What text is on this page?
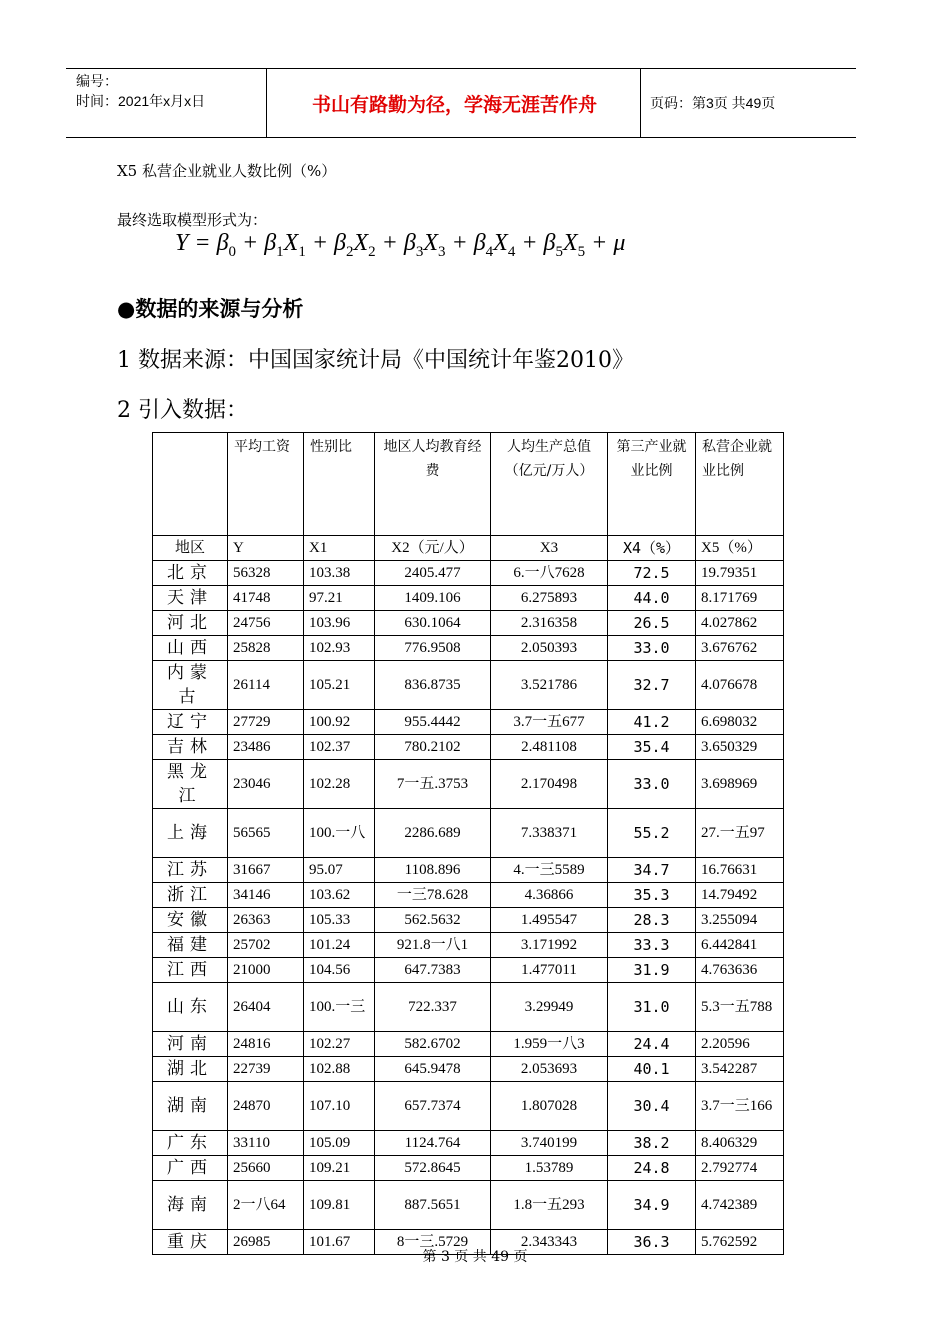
编号：
时间：2021年x月x日	书山有路勤为径，学海无涯苦作舟	页码：第3页 共49页
X5 私营企业就业人数比例（%）
最终选取模型形式为：
$Y = \beta_0 + \beta_1X_1 + \beta_2X_2 + \beta_3X_3 + \beta_4X_4 + \beta_5X_5 + \mu$
●数据的来源与分析
1 数据来源：中国国家统计局《中国统计年鉴2010》
2 引入数据：
	平均工资	性别比	地区人均教育经费	人均生产总值（亿元/万人）	第三产业就业比例	私营企业就业比例
地区	Y	X1	X2（元/人）	X3	X4（%）	X5（%）
北京	56328	103.38	2405.477	6.一八7628	72.5	19.79351
天津	41748	97.21	1409.106	6.275893	44.0	8.171769
河北	24756	103.96	630.1064	2.316358	26.5	4.027862
山西	25828	102.93	776.9508	2.050393	33.0	3.676762
内蒙古	26114	105.21	836.8735	3.521786	32.7	4.076678
辽宁	27729	100.92	955.4442	3.7一五677	41.2	6.698032
吉林	23486	102.37	780.2102	2.481108	35.4	3.650329
黑龙江	23046	102.28	7一五.3753	2.170498	33.0	3.698969
上海	56565	100.一八	2286.689	7.338371	55.2	27.一五97
江苏	31667	95.07	1108.896	4.一三5589	34.7	16.76631
浙江	34146	103.62	一三78.628	4.36866	35.3	14.79492
安徽	26363	105.33	562.5632	1.495547	28.3	3.255094
福建	25702	101.24	921.8一八1	3.171992	33.3	6.442841
江西	21000	104.56	647.7383	1.477011	31.9	4.763636
山东	26404	100.一三	722.337	3.29949	31.0	5.3一五788
河南	24816	102.27	582.6702	1.959一八3	24.4	2.20596
湖北	22739	102.88	645.9478	2.053693	40.1	3.542287
湖南	24870	107.10	657.7374	1.807028	30.4	3.7一三166
广东	33110	105.09	1124.764	3.740199	38.2	8.406329
广西	25660	109.21	572.8645	1.53789	24.8	2.792774
海南	2一八64	109.81	887.5651	1.8一五293	34.9	4.742389
重庆	26985	101.67	8一三.5729	2.343343	36.3	5.762592
第 3 页 共 49 页
